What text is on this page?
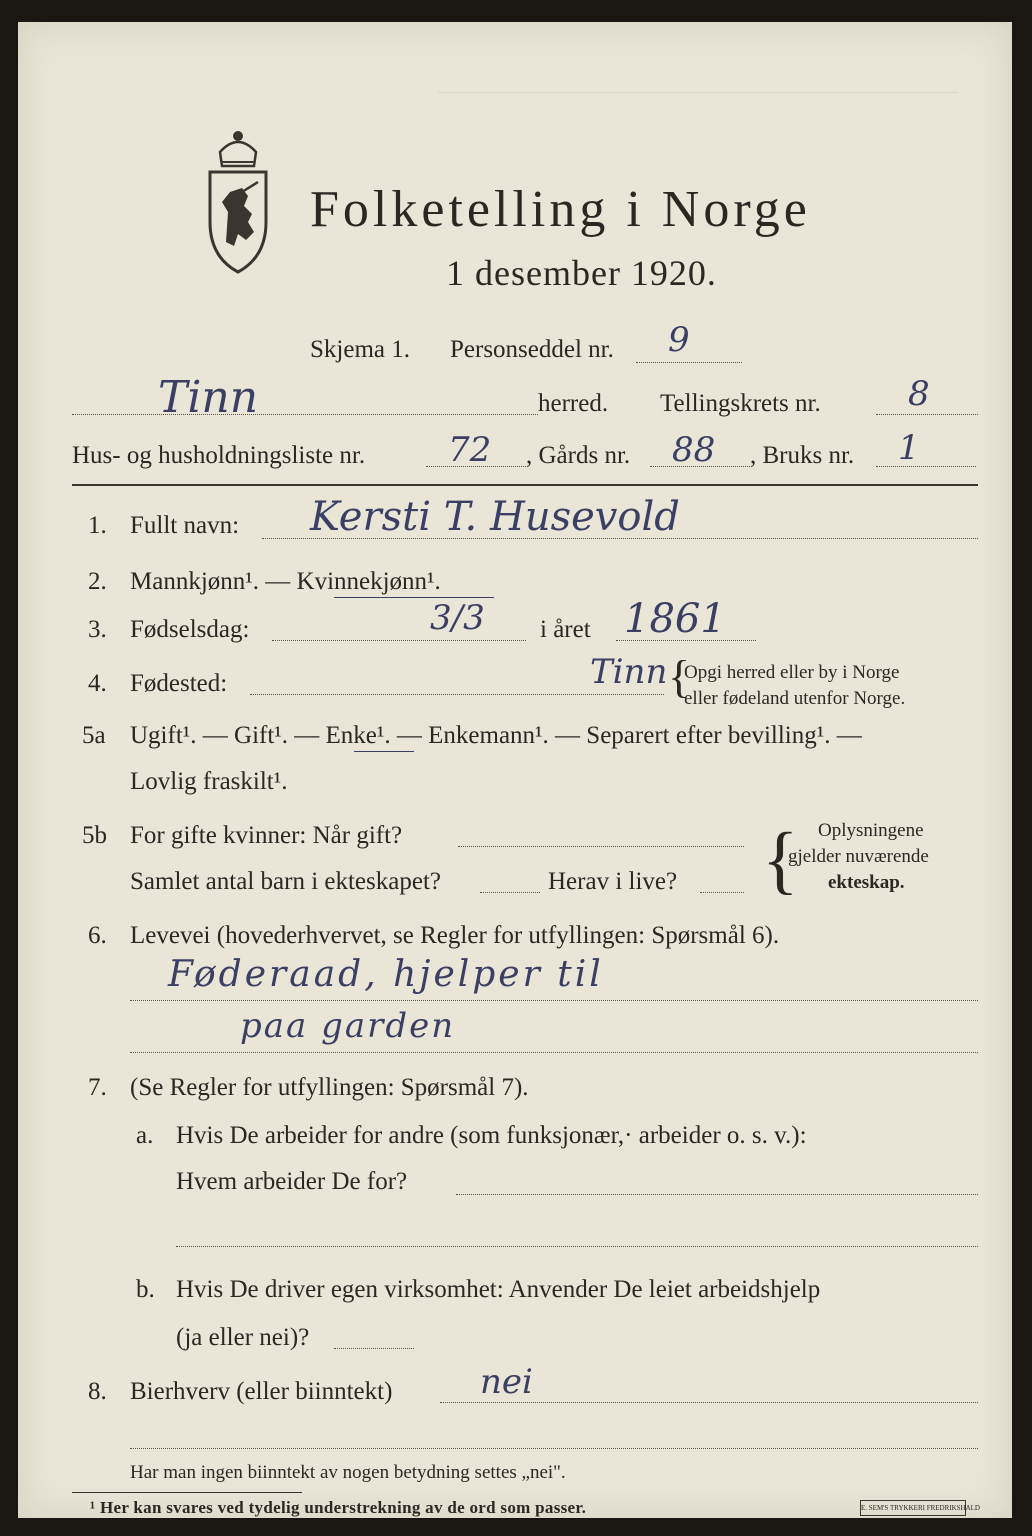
Folketelling i Norge
1 desember 1920.
Skjema 1. Personseddel nr. 9
Tinn	herred. Tellingskrets nr.	8
Hus- og husholdningsliste nr. 72 , Gårds nr. 88 , Bruks nr. 1
1. Fullt navn: Kersti T. Husevold
2. Mannkjønn¹. — Kvinnekjønn¹.
3. Fødselsdag:	3/3 i året 1861
4. Fødested:	Tinn {
Opgi herred eller by i Norge
eller fødeland utenfor Norge.
5a Ugift¹. — Gift¹. — Enke¹. — Enkemann¹. — Separert efter bevilling¹. —
Lovlig fraskilt¹.
5b For gifte kvinner: Når gift?
Samlet antal barn i ekteskapet?	Herav i live? { Oplysningene
gjelder nuværende
ekteskap.
6. Levevei (hovederhvervet, se Regler for utfyllingen: Spørsmål 6).
Føderaad, hjelper til
paa garden
7. (Se Regler for utfyllingen: Spørsmål 7).
a. Hvis De arbeider for andre (som funksjonær,· arbeider o. s. v.):
Hvem arbeider De for?
b. Hvis De driver egen virksomhet: Anvender De leiet arbeidshjelp
(ja eller nei)?
8. Bierhverv (eller biinntekt)	nei
Har man ingen biinntekt av nogen betydning settes „nei".
¹ Her kan svares ved tydelig understrekning av de ord som passer.	E. SEM'S TRYKKERI FREDRIKSHALD
